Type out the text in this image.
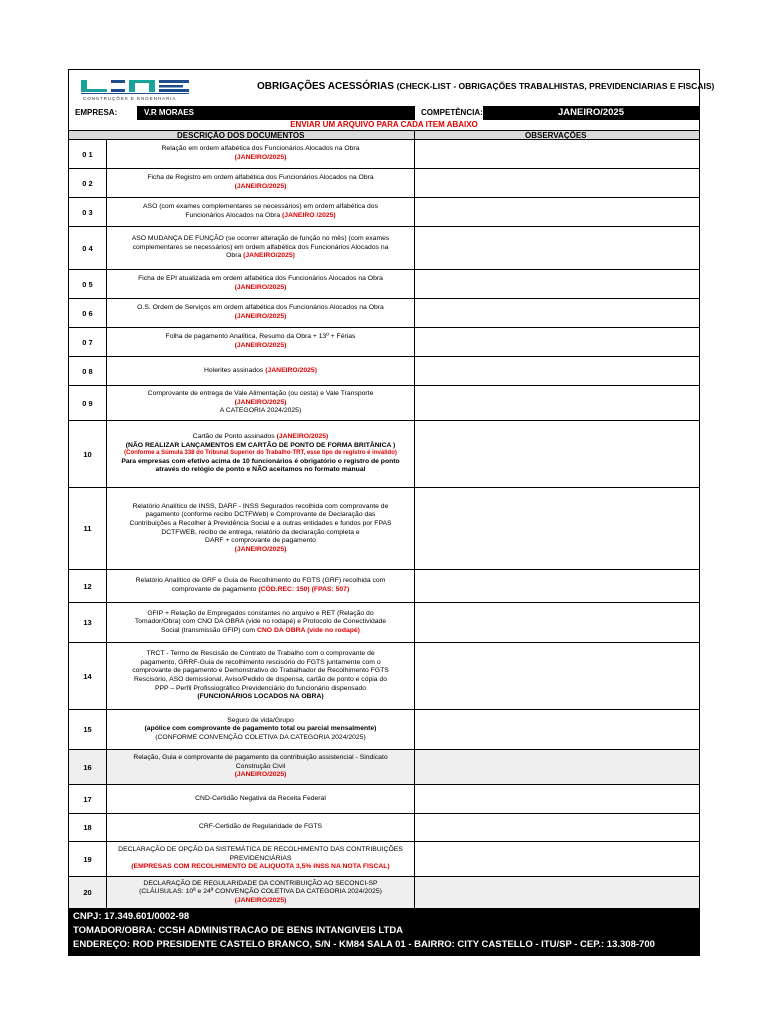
CONSTRUÇÕES E ENGENHARIA
OBRIGAÇÕES ACESSÓRIAS (CHECK-LIST - OBRIGAÇÕES TRABALHISTAS, PREVIDENCIARIAS E FISCAIS)
EMPRESA:	V.R MORAES	COMPETÊNCIA:	JANEIRO/2025
ENVIAR UM ARQUIVO PARA CADA ITEM ABAIXO
DESCRIÇÃO DOS DOCUMENTOS	OBSERVAÇÕES
0 1
Relação em ordem alfabética dos Funcionários Alocados na Obra
(JANEIRO/2025)
0 2
Ficha de Registro em ordem alfabética dos Funcionários Alocados na Obra
(JANEIRO/2025)
0 3
ASO (com exames complementares se necessários) em ordem alfabética dos
Funcionários Alocados na Obra (JANEIRO /2025)
0 4
ASO MUDANÇA DE FUNÇÃO (se ocorrer alteração de função no mês) (com exames
complementares se necessários) em ordem alfabética dos Funcionários Alocados na
Obra (JANEIRO/2025)
0 5
Ficha de EPI atualizada em ordem alfabética dos Funcionários Alocados na Obra
(JANEIRO/2025)
0 6
O.S. Ordem de Serviços em ordem alfabética dos Funcionários Alocados na Obra
(JANEIRO/2025)
0 7
Folha de pagamento Analítica, Resumo da Obra + 13º + Férias
(JANEIRO/2025)
0 8	Holerites assinados (JANEIRO/2025)
0 9
Comprovante de entrega de Vale Alimentação (ou cesta) e Vale Transporte
(JANEIRO/2025)
A CATEGORIA 2024/2025)
10
Cartão de Ponto assinados (JANEIRO/2025)
(NÃO REALIZAR LANÇAMENTOS EM CARTÃO DE PONTO DE FORMA BRITÂNICA )
(Conforme a Súmula 338 do Tribunal Superior do Trabalho-TRT, esse tipo de registro é inválido)
Para empresas com efetivo acima de 10 funcionários é obrigatório o registro de ponto
através do relógio de ponto e NÃO aceitamos no formato manual
11
Relatório Analítico de INSS, DARF - INSS Segurados recolhida com comprovante de
pagamento (conforme recibo DCTFWeb) e Comprovante de Declaração das
Contribuições a Recolher à Previdência Social e a outras entidades e fundos por FPAS
DCTFWEB, recibo de entrega, relatório da declaração completa e
DARF + comprovante de pagamento
(JANEIRO/2025)
12
Relatório Analítico de GRF e Guia de Recolhimento do FGTS (GRF) recolhida com
comprovante de pagamento (CÓD.REC: 150) (FPAS: 507)
13
GFIP + Relação de Empregados constantes no arquivo e RET (Relação do
Tomador/Obra) com CNO DA OBRA (vide no rodapé) e Protocolo de Conectividade
Social (transmissão GFIP) com CNO DA OBRA (vide no rodapé)
14
TRCT - Termo de Rescisão de Contrato de Trabalho com o comprovante de
pagamento, GRRF-Guia de recolhimento rescisório do FGTS juntamente com o
comprovante de pagamento e Demonstrativo do Trabalhador de Recolhimento FGTS
Rescisório, ASO demissional, Aviso/Pedido de dispensa, cartão de ponto e cópia do
PPP – Perfil Profissiográfico Previdenciário do funcionário dispensado
(FUNCIONÁRIOS LOCADOS NA OBRA)
15
Seguro de vida/Grupo
(apólice com comprovante de pagamento total ou parcial mensalmente)
(CONFORME CONVENÇÃO COLETIVA DA CATEGORIA 2024/2025)
16
Relação, Guia e comprovante de pagamento da contribuição assistencial - Sindicato
Construção Civil
(JANEIRO/2025)
17	CND-Certidão Negativa da Receita Federal
18	CRF-Certidão de Regularidade de FGTS
19
DECLARAÇÃO DE OPÇÃO DA SISTEMÁTICA DE RECOLHIMENTO DAS CONTRIBUIÇÕES
PREVIDENCIÁRIAS
(EMPRESAS COM RECOLHIMENTO DE ALIQUOTA 3,5% INSS NA NOTA FISCAL)
20
DECLARAÇÃO DE REGULARIDADE DA CONTRIBUIÇÃO AO SECONCI-SP
(CLÁUSULAS: 10ª e 24ª CONVENÇÃO COLETIVA DA CATEGORIA 2024/2025)
(JANEIRO/2025)
CNPJ: 17.349.601/0002-98
TOMADOR/OBRA: CCSH ADMINISTRACAO DE BENS INTANGIVEIS LTDA
ENDEREÇO: ROD PRESIDENTE CASTELO BRANCO, S/N - KM84 SALA 01 - BAIRRO: CITY CASTELLO - ITU/SP - CEP.: 13.308-700
